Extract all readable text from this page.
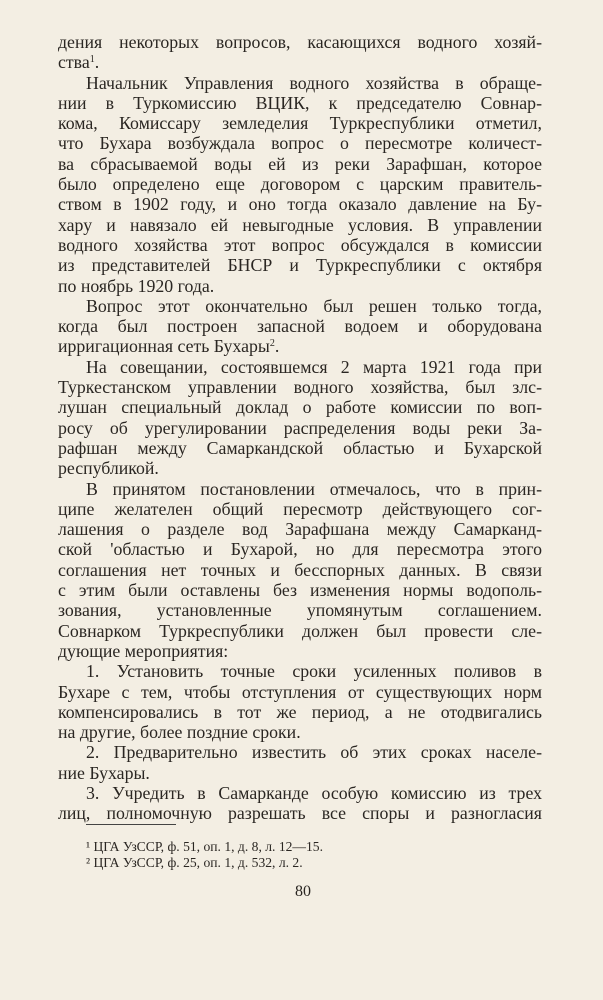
дения некоторых вопросов, касающихся водного хозяй-
ства$^1$.
Начальник Управления водного хозяйства в обраще-
нии в Туркомиссию ВЦИК, к председателю Совнар-
кома, Комиссару земледелия Туркреспублики отметил,
что Бухара возбуждала вопрос о пересмотре количест-
ва сбрасываемой воды ей из реки Зарафшан, которое
было определено еще договором с царским правитель-
ством в 1902 году, и оно тогда оказало давление на Бу-
хару и навязало ей невыгодные условия. В управлении
водного хозяйства этот вопрос обсуждался в комиссии
из представителей БНСР и Туркреспублики с октября
по ноябрь 1920 года.
Вопрос этот окончательно был решен только тогда,
когда был построен запасной водоем и оборудована
ирригационная сеть Бухары$^2$.
На совещании, состоявшемся 2 марта 1921 года при
Туркестанском управлении водного хозяйства, был злс-
лушан специальный доклад о работе комиссии по воп-
росу об урегулировании распределения воды реки За-
рафшан между Самаркандской областью и Бухарской
республикой.
В принятом постановлении отмечалось, что в прин-
ципе желателен общий пересмотр действующего сог-
лашения о разделе вод Зарафшана между Самарканд-
ской 'областью и Бухарой, но для пересмотра этого
соглашения нет точных и бесспорных данных. В связи
с этим были оставлены без изменения нормы водополь-
зования, установленные упомянутым соглашением.
Совнарком Туркреспублики должен был провести сле-
дующие мероприятия:
1. Установить точные сроки усиленных поливов в
Бухаре с тем, чтобы отступления от существующих норм
компенсировались в тот же период, а не отодвигались
на другие, более поздние сроки.
2. Предварительно известить об этих сроках населе-
ние Бухары.
3. Учредить в Самарканде особую комиссию из трех
лиц, полномочную разрешать все споры и разногласия
¹ ЦГА УзССР, ф. 51, оп. 1, д. 8, л. 12—15.
² ЦГА УзССР, ф. 25, оп. 1, д. 532, л. 2.
80
